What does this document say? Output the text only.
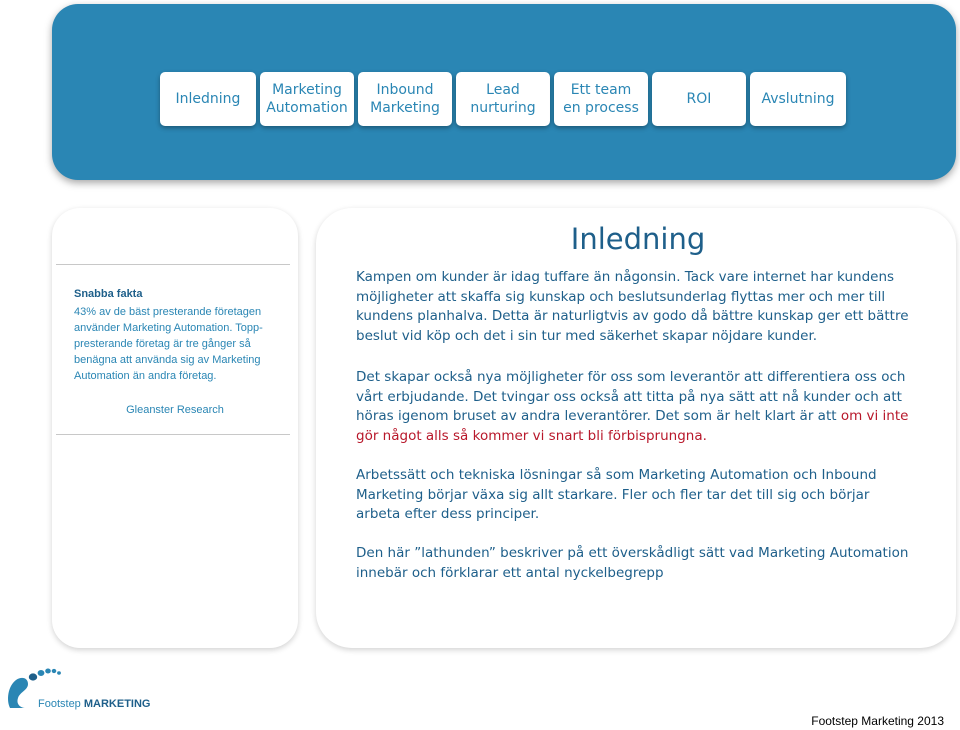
Inledning
Marketing
Automation
Inbound
Marketing
Lead
nurturing
Ett team
en process
ROI	Avslutning
Snabba fakta
43% av de bäst presterande företagen använder Marketing Automation. Topp-presterande företag är tre gånger så benägna att använda sig av Marketing Automation än andra företag.
Gleanster Research
Inledning
Kampen om kunder är idag tuffare än någonsin. Tack vare internet har kundens möjligheter att skaffa sig kunskap och beslutsunderlag flyttas mer och mer till kundens planhalva. Detta är naturligtvis av godo då bättre kunskap ger ett bättre beslut vid köp och det i sin tur med säkerhet skapar nöjdare kunder.
Det skapar också nya möjligheter för oss som leverantör att differentiera oss och vårt erbjudande. Det tvingar oss också att titta på nya sätt att nå kunder och att höras igenom bruset av andra leverantörer. Det som är helt klart är att om vi inte gör något alls så kommer vi snart bli förbisprungna.
Arbetssätt och tekniska lösningar så som Marketing Automation och Inbound Marketing börjar växa sig allt starkare. Fler och fler tar det till sig och börjar arbeta efter dess principer.
Den här ”lathunden” beskriver på ett överskådligt sätt vad Marketing Automation innebär och förklarar ett antal nyckelbegrepp
Footstep MARKETING
Footstep Marketing 2013
